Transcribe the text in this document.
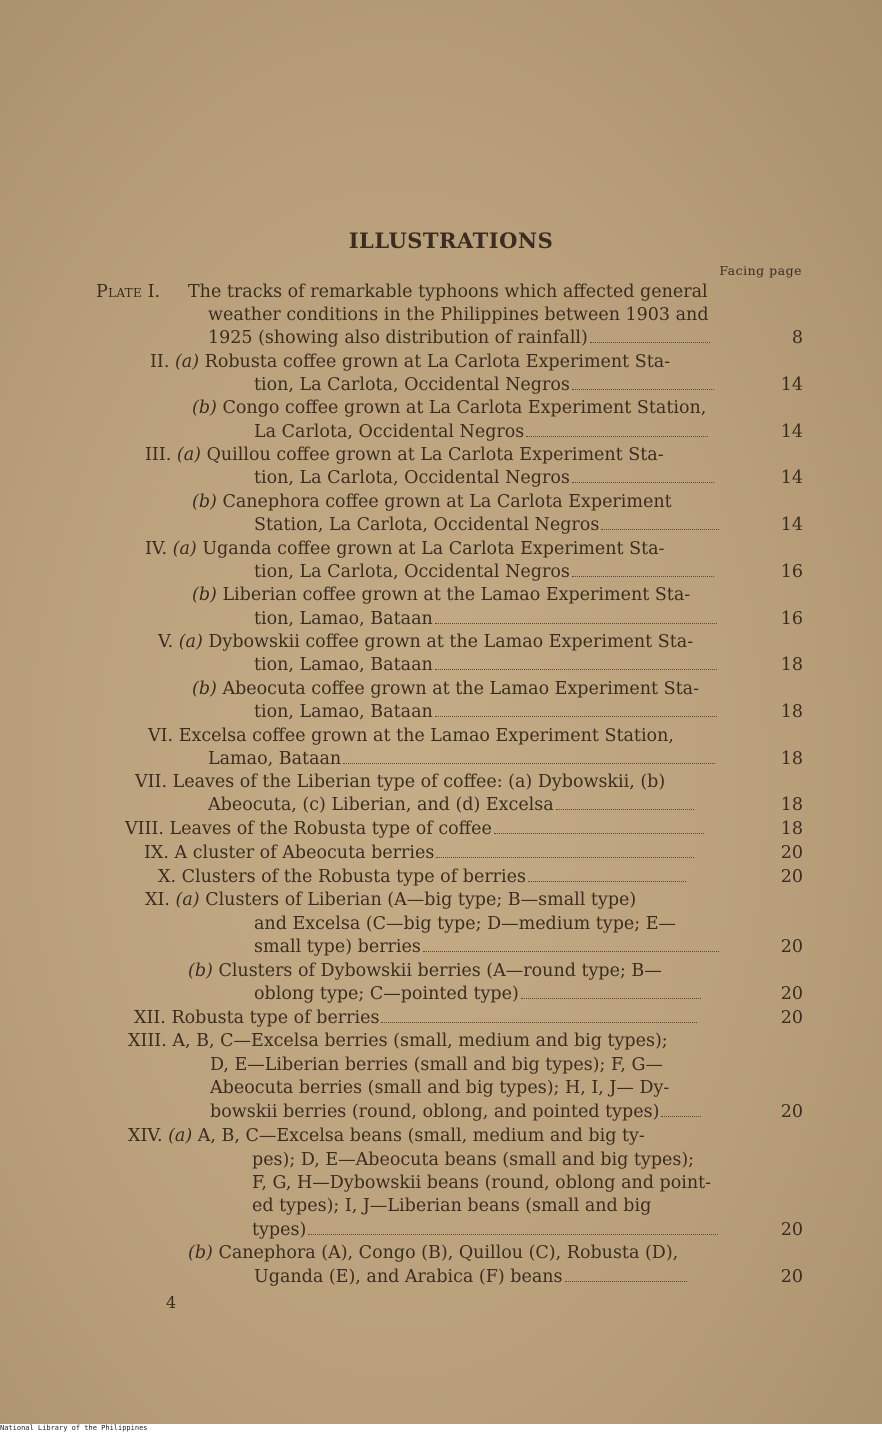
ILLUSTRATIONS
Facing page
Plate I. The tracks of remarkable typhoons which affected general
weather conditions in the Philippines between 1903 and
1925 (showing also distribution of rainfall)	8
II. (a) Robusta coffee grown at La Carlota Experiment Sta-
tion, La Carlota, Occidental Negros	14
(b) Congo coffee grown at La Carlota Experiment Station,
La Carlota, Occidental Negros	14
III. (a) Quillou coffee grown at La Carlota Experiment Sta-
tion, La Carlota, Occidental Negros	14
(b) Canephora coffee grown at La Carlota Experiment
Station, La Carlota, Occidental Negros	14
IV. (a) Uganda coffee grown at La Carlota Experiment Sta-
tion, La Carlota, Occidental Negros	16
(b) Liberian coffee grown at the Lamao Experiment Sta-
tion, Lamao, Bataan	16
V. (a) Dybowskii coffee grown at the Lamao Experiment Sta-
tion, Lamao, Bataan	18
(b) Abeocuta coffee grown at the Lamao Experiment Sta-
tion, Lamao, Bataan	18
VI. Excelsa coffee grown at the Lamao Experiment Station,
Lamao, Bataan	18
VII. Leaves of the Liberian type of coffee: (a) Dybowskii, (b)
Abeocuta, (c) Liberian, and (d) Excelsa	18
VIII. Leaves of the Robusta type of coffee	18
IX. A cluster of Abeocuta berries	20
X. Clusters of the Robusta type of berries	20
XI. (a) Clusters of Liberian (A—big type; B—small type)
and Excelsa (C—big type; D—medium type; E—
small type) berries	20
(b) Clusters of Dybowskii berries (A—round type; B—
oblong type; C—pointed type)	20
XII. Robusta type of berries	20
XIII. A, B, C—Excelsa berries (small, medium and big types);
D, E—Liberian berries (small and big types); F, G—
Abeocuta berries (small and big types); H, I, J— Dy-
bowskii berries (round, oblong, and pointed types)	20
XIV. (a) A, B, C—Excelsa beans (small, medium and big ty-
pes); D, E—Abeocuta beans (small and big types);
F, G, H—Dybowskii beans (round, oblong and point-
ed types); I, J—Liberian beans (small and big
types)	20
(b) Canephora (A), Congo (B), Quillou (C), Robusta (D),
Uganda (E), and Arabica (F) beans	20
4
National Library of the Philippines
